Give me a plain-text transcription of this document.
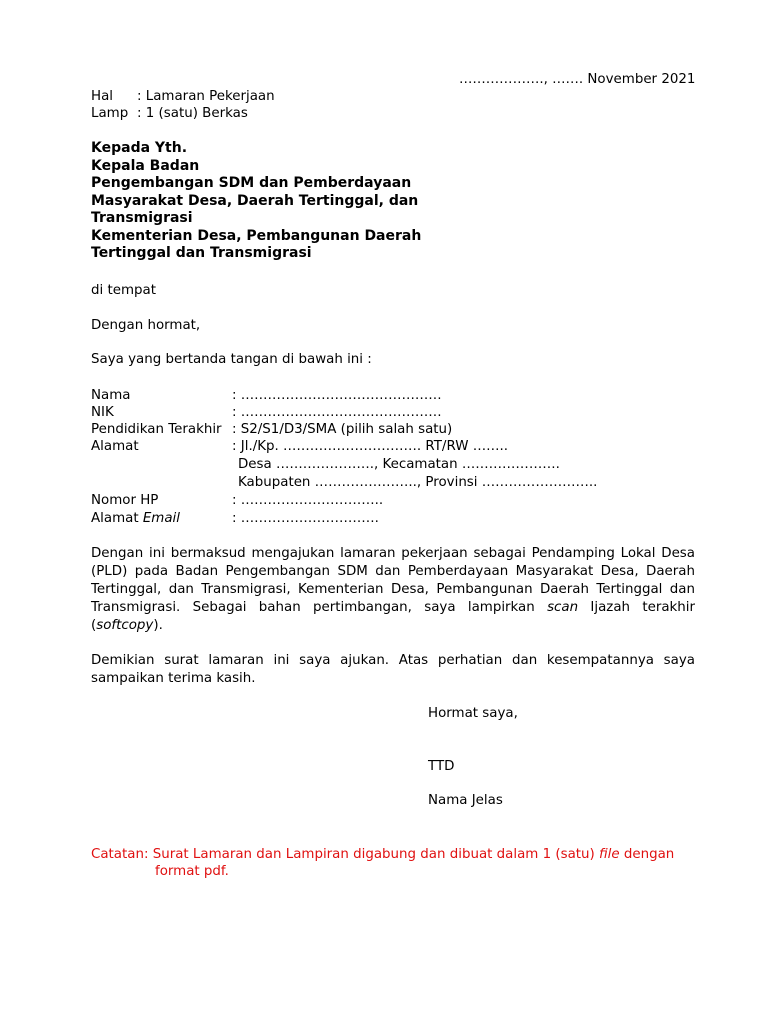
………………., ……. November 2021
Hal : Lamaran Pekerjaan
Lamp : 1 (satu) Berkas
Kepada Yth.
Kepala Badan
Pengembangan SDM dan Pemberdayaan
Masyarakat Desa, Daerah Tertinggal, dan
Transmigrasi
Kementerian Desa, Pembangunan Daerah
Tertinggal dan Transmigrasi
di tempat
Dengan hormat,
Saya yang bertanda tangan di bawah ini :
Nama	: ………………………………………
NIK	: ………………………………………
Pendidikan Terakhir : S2/S1/D3/SMA (pilih salah satu)
Alamat	: Jl./Kp. …………………………. RT/RW ……..
Desa …………………., Kecamatan ………………….
Kabupaten ………………….., Provinsi ……………………..
Nomor HP	: …………………………..
Alamat Email	: ………………………….
Dengan ini bermaksud mengajukan lamaran pekerjaan sebagai Pendamping Lokal Desa (PLD) pada Badan Pengembangan SDM dan Pemberdayaan Masyarakat Desa, Daerah Tertinggal, dan Transmigrasi, Kementerian Desa, Pembangunan Daerah Tertinggal dan Transmigrasi. Sebagai bahan pertimbangan, saya lampirkan scan Ijazah terakhir (softcopy).
Demikian surat lamaran ini saya ajukan. Atas perhatian dan kesempatannya saya sampaikan terima kasih.
Hormat saya,
TTD
Nama Jelas
Catatan: Surat Lamaran dan Lampiran digabung dan dibuat dalam 1 (satu) file dengan
format pdf.
